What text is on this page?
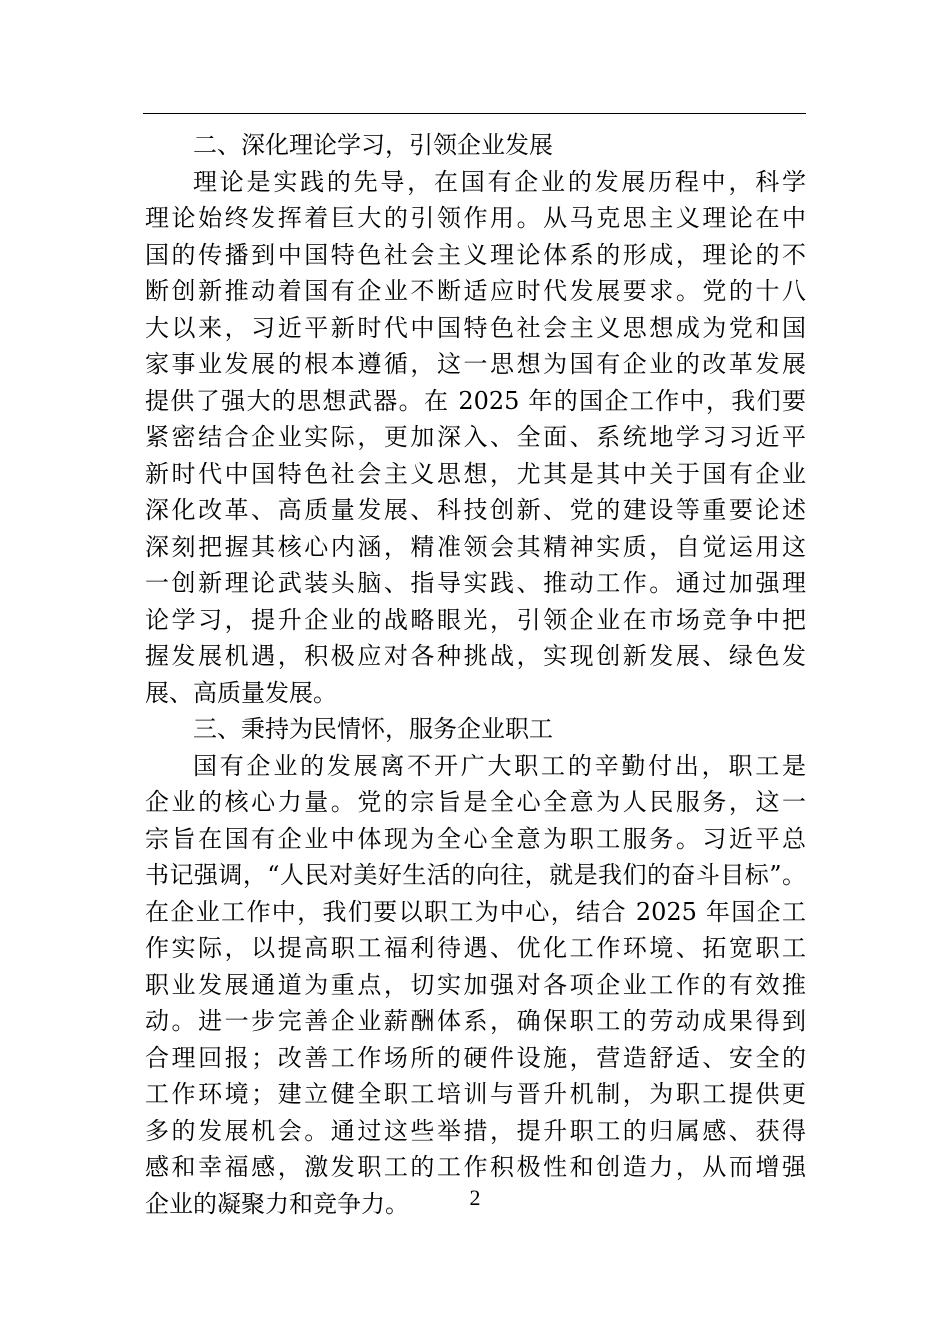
二、深化理论学习，引领企业发展
理论是实践的先导，在国有企业的发展历程中，科学
理论始终发挥着巨大的引领作用。从马克思主义理论在中
国的传播到中国特色社会主义理论体系的形成，理论的不
断创新推动着国有企业不断适应时代发展要求。党的十八
大以来，习近平新时代中国特色社会主义思想成为党和国
家事业发展的根本遵循，这一思想为国有企业的改革发展
提供了强大的思想武器。在 2025 年的国企工作中，我们要
紧密结合企业实际，更加深入、全面、系统地学习习近平
新时代中国特色社会主义思想，尤其是其中关于国有企业
深化改革、高质量发展、科技创新、党的建设等重要论述
深刻把握其核心内涵，精准领会其精神实质，自觉运用这
一创新理论武装头脑、指导实践、推动工作。通过加强理
论学习，提升企业的战略眼光，引领企业在市场竞争中把
握发展机遇，积极应对各种挑战，实现创新发展、绿色发
展、高质量发展。
三、秉持为民情怀，服务企业职工
国有企业的发展离不开广大职工的辛勤付出，职工是
企业的核心力量。党的宗旨是全心全意为人民服务，这一
宗旨在国有企业中体现为全心全意为职工服务。习近平总
书记强调，“人民对美好生活的向往，就是我们的奋斗目标”。
在企业工作中，我们要以职工为中心，结合 2025 年国企工
作实际，以提高职工福利待遇、优化工作环境、拓宽职工
职业发展通道为重点，切实加强对各项企业工作的有效推
动。进一步完善企业薪酬体系，确保职工的劳动成果得到
合理回报；改善工作场所的硬件设施，营造舒适、安全的
工作环境；建立健全职工培训与晋升机制，为职工提供更
多的发展机会。通过这些举措，提升职工的归属感、获得
感和幸福感，激发职工的工作积极性和创造力，从而增强
企业的凝聚力和竞争力。	2
